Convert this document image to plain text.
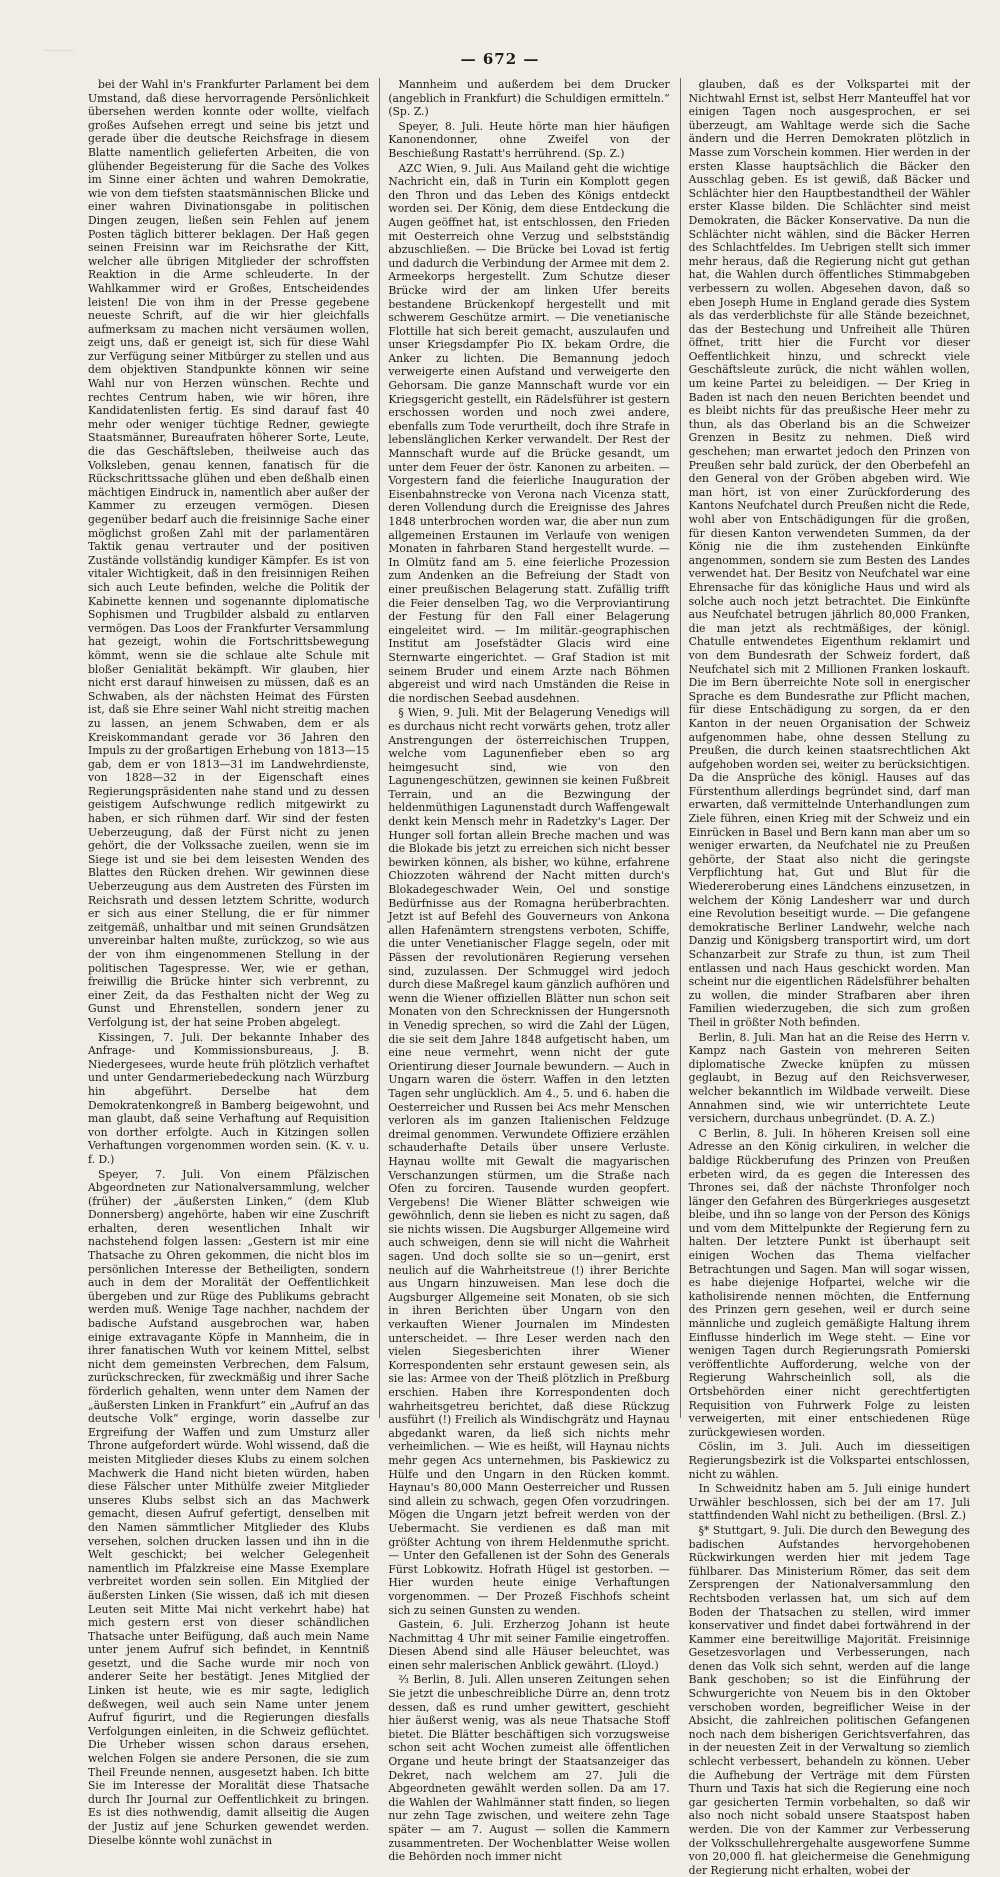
— 672 —

bei der Wahl in's Frankfurter Parlament bei dem Umstand, daß diese hervorragende Persönlichkeit übersehen werden konnte oder wollte, vielfach großes Aufsehen erregt und seine bis jetzt und gerade über die deutsche Reichsfrage in diesem Blatte namentlich gelieferten Arbeiten, die von glühender Begeisterung für die Sache des Volkes im Sinne einer ächten und wahren Demokratie, wie von dem tiefsten staatsmännischen Blicke und einer wahren Divinationsgabe in politischen Dingen zeugen, ließen sein Fehlen auf jenem Posten täglich bitterer beklagen. Der Haß gegen seinen Freisinn war im Reichsrathe der Kitt, welcher alle übrigen Mitglieder der schroffsten Reaktion in die Arme schleuderte. In der Wahlkammer wird er Großes, Entscheidendes leisten! Die von ihm in der Presse gegebene neueste Schrift, auf die wir hier gleichfalls aufmerksam zu machen nicht versäumen wollen, zeigt uns, daß er geneigt ist, sich für diese Wahl zur Verfügung seiner Mitbürger zu stellen und aus dem objektiven Standpunkte können wir seine Wahl nur von Herzen wünschen. Rechte und rechtes Centrum haben, wie wir hören, ihre Kandidatenlisten fertig. Es sind darauf fast 40 mehr oder weniger tüchtige Redner, gewiegte Staatsmänner, Bureaufraten höherer Sorte, Leute, die das Geschäftsleben, theilweise auch das Volksleben, genau kennen, fanatisch für die Rückschrittssache glühen und eben deßhalb einen mächtigen Eindruck in, namentlich aber außer der Kammer zu erzeugen vermögen. Diesen gegenüber bedarf auch die freisinnige Sache einer möglichst großen Zahl mit der parlamentären Taktik genau vertrauter und der positiven Zustände vollständig kundiger Kämpfer. Es ist von vitaler Wichtigkeit, daß in den freisinnigen Reihen sich auch Leute befinden, welche die Politik der Kabinette kennen und sogenannte diplomatische Sophismen und Trugbilder alsbald zu entlarven vermögen. Das Loos der Frankfurter Versammlung hat gezeigt, wohin die Fortschrittsbewegung kömmt, wenn sie die schlaue alte Schule mit bloßer Genialität bekämpft. Wir glauben, hier nicht erst darauf hinweisen zu müssen, daß es an Schwaben, als der nächsten Heimat des Fürsten ist, daß sie Ehre seiner Wahl nicht streitig machen zu lassen, an jenem Schwaben, dem er als Kreiskommandant gerade vor 36 Jahren den Impuls zu der großartigen Erhebung von 1813—15 gab, dem er von 1813—31 im Landwehrdienste, von 1828—32 in der Eigenschaft eines Regierungspräsidenten nahe stand und zu dessen geistigem Aufschwunge redlich mitgewirkt zu haben, er sich rühmen darf. Wir sind der festen Ueberzeugung, daß der Fürst nicht zu jenen gehört, die der Volkssache zueilen, wenn sie im Siege ist und sie bei dem leisesten Wenden des Blattes den Rücken drehen. Wir gewinnen diese Ueberzeugung aus dem Austreten des Fürsten im Reichsrath und dessen letztem Schritte, wodurch er sich aus einer Stellung, die er für nimmer zeitgemäß, unhaltbar und mit seinen Grundsätzen unvereinbar halten mußte, zurückzog, so wie aus der von ihm eingenommenen Stellung in der politischen Tagespresse. Wer, wie er gethan, freiwillig die Brücke hinter sich verbrennt, zu einer Zeit, da das Festhalten nicht der Weg zu Gunst und Ehrenstellen, sondern jener zu Verfolgung ist, der hat seine Proben abgelegt.

Kissingen, 7. Juli. Der bekannte Inhaber des Anfrage- und Kommissionsbureaus, J. B. Niedergesees, wurde heute früh plötzlich verhaftet und unter Gendarmeriebedeckung nach Würzburg hin abgeführt. Derselbe hat dem Demokratenkongreß in Bamberg beigewohnt, und man glaubt, daß seine Verhaftung auf Requisition von dorther erfolgte. Auch in Kitzingen sollen Verhaftungen vorgenommen worden sein. (K. v. u. f. D.)

Speyer, 7. Juli. Von einem Pfälzischen Abgeordneten zur Nationalversammlung, welcher (früher) der „äußersten Linken,“ (dem Klub Donnersberg) angehörte, haben wir eine Zuschrift erhalten, deren wesentlichen Inhalt wir nachstehend folgen lassen: „Gestern ist mir eine Thatsache zu Ohren gekommen, die nicht blos im persönlichen Interesse der Betheiligten, sondern auch in dem der Moralität der Oeffentlichkeit übergeben und zur Rüge des Publikums gebracht werden muß. Wenige Tage nachher, nachdem der badische Aufstand ausgebrochen war, haben einige extravagante Köpfe in Mannheim, die in ihrer fanatischen Wuth vor keinem Mittel, selbst nicht dem gemeinsten Verbrechen, dem Falsum, zurückschrecken, für zweckmäßig und ihrer Sache förderlich gehalten, wenn unter dem Namen der „äußersten Linken in Frankfurt“ ein „Aufruf an das deutsche Volk“ erginge, worin dasselbe zur Ergreifung der Waffen und zum Umsturz aller Throne aufgefordert würde. Wohl wissend, daß die meisten Mitglieder dieses Klubs zu einem solchen Machwerk die Hand nicht bieten würden, haben diese Fälscher unter Mithülfe zweier Mitglieder unseres Klubs selbst sich an das Machwerk gemacht, diesen Aufruf gefertigt, denselben mit den Namen sämmtlicher Mitglieder des Klubs versehen, solchen drucken lassen und ihn in die Welt geschickt; bei welcher Gelegenheit namentlich im Pfalzkreise eine Masse Exemplare verbreitet worden sein sollen. Ein Mitglied der äußersten Linken (Sie wissen, daß ich mit diesen Leuten seit Mitte Mai nicht verkehrt habe) hat mich gestern erst von dieser schändlichen Thatsache unter Beifügung, daß auch mein Name unter jenem Aufruf sich befindet, in Kenntniß gesetzt, und die Sache wurde mir noch von anderer Seite her bestätigt. Jenes Mitglied der Linken ist heute, wie es mir sagte, lediglich deßwegen, weil auch sein Name unter jenem Aufruf figurirt, und die Regierungen diesfalls Verfolgungen einleiten, in die Schweiz geflüchtet. Die Urheber wissen schon daraus ersehen, welchen Folgen sie andere Personen, die sie zum Theil Freunde nennen, ausgesetzt haben. Ich bitte Sie im Interesse der Moralität diese Thatsache durch Ihr Journal zur Oeffentlichkeit zu bringen. Es ist dies nothwendig, damit allseitig die Augen der Justiz auf jene Schurken gewendet werden. Dieselbe könnte wohl zunächst in

Mannheim und außerdem bei dem Drucker (angeblich in Frankfurt) die Schuldigen ermitteln.“ (Sp. Z.)

Speyer, 8. Juli. Heute hörte man hier häufigen Kanonendonner, ohne Zweifel von der Beschießung Rastatt's herrührend. (Sp. Z.)

AZC Wien, 9. Juli. Aus Mailand geht die wichtige Nachricht ein, daß in Turin ein Komplott gegen den Thron und das Leben des Königs entdeckt worden sei. Der König, dem diese Entdeckung die Augen geöffnet hat, ist entschlossen, den Frieden mit Oesterreich ohne Verzug und selbstständig abzuschließen. — Die Brücke bei Lovad ist fertig und dadurch die Verbindung der Armee mit dem 2. Armeekorps hergestellt. Zum Schutze dieser Brücke wird der am linken Ufer bereits bestandene Brückenkopf hergestellt und mit schwerem Geschütze armirt. — Die venetianische Flottille hat sich bereit gemacht, auszulaufen und unser Kriegsdampfer Pio IX. bekam Ordre, die Anker zu lichten. Die Bemannung jedoch verweigerte einen Aufstand und verweigerte den Gehorsam. Die ganze Mannschaft wurde vor ein Kriegsgericht gestellt, ein Rädelsführer ist gestern erschossen worden und noch zwei andere, ebenfalls zum Tode verurtheilt, doch ihre Strafe in lebenslänglichen Kerker verwandelt. Der Rest der Mannschaft wurde auf die Brücke gesandt, um unter dem Feuer der östr. Kanonen zu arbeiten. — Vorgestern fand die feierliche Inauguration der Eisenbahnstrecke von Verona nach Vicenza statt, deren Vollendung durch die Ereignisse des Jahres 1848 unterbrochen worden war, die aber nun zum allgemeinen Erstaunen im Verlaufe von wenigen Monaten in fahrbaren Stand hergestellt wurde. — In Olmütz fand am 5. eine feierliche Prozession zum Andenken an die Befreiung der Stadt von einer preußischen Belagerung statt. Zufällig trifft die Feier denselben Tag, wo die Verproviantirung der Festung für den Fall einer Belagerung eingeleitet wird. — Im militär.-geographischen Institut am Josefstädter Glacis wird eine Sternwarte eingerichtet. — Graf Stadion ist mit seinem Bruder und einem Arzte nach Böhmen abgereist und wird nach Umständen die Reise in die nordischen Seebad ausdehnen.

§ Wien, 9. Juli. Mit der Belagerung Venedigs will es durchaus nicht recht vorwärts gehen, trotz aller Anstrengungen der österreichischen Truppen, welche vom Lagunenfieber eben so arg heimgesucht sind, wie von den Lagunengeschützen, gewinnen sie keinen Fußbreit Terrain, und an die Bezwingung der heldenmüthigen Lagunenstadt durch Waffengewalt denkt kein Mensch mehr in Radetzky's Lager. Der Hunger soll fortan allein Breche machen und was die Blokade bis jetzt zu erreichen sich nicht besser bewirken können, als bisher, wo kühne, erfahrene Chiozzoten während der Nacht mitten durch's Blokadegeschwader Wein, Oel und sonstige Bedürfnisse aus der Romagna herüberbrachten. Jetzt ist auf Befehl des Gouverneurs von Ankona allen Hafenämtern strengstens verboten, Schiffe, die unter Venetianischer Flagge segeln, oder mit Pässen der revolutionären Regierung versehen sind, zuzulassen. Der Schmuggel wird jedoch durch diese Maßregel kaum gänzlich aufhören und wenn die Wiener offiziellen Blätter nun schon seit Monaten von den Schrecknissen der Hungersnoth in Venedig sprechen, so wird die Zahl der Lügen, die sie seit dem Jahre 1848 aufgetischt haben, um eine neue vermehrt, wenn nicht der gute Orientirung dieser Journale bewundern. — Auch in Ungarn waren die österr. Waffen in den letzten Tagen sehr unglücklich. Am 4., 5. und 6. haben die Oesterreicher und Russen bei Acs mehr Menschen verloren als im ganzen Italienischen Feldzuge dreimal genommen. Verwundete Offiziere erzählen schauderhafte Details über unsere Verluste. Haynau wollte mit Gewalt die magyarischen Verschanzungen stürmen, um die Straße nach Ofen zu forciren. Tausende wurden geopfert. Vergebens! Die Wiener Blätter schweigen wie gewöhnlich, denn sie lieben es nicht zu sagen, daß sie nichts wissen. Die Augsburger Allgemeine wird auch schweigen, denn sie will nicht die Wahrheit sagen. Und doch sollte sie so un—genirt, erst neulich auf die Wahrheitstreue (!) ihrer Berichte aus Ungarn hinzuweisen. Man lese doch die Augsburger Allgemeine seit Monaten, ob sie sich in ihren Berichten über Ungarn von den verkauften Wiener Journalen im Mindesten unterscheidet. — Ihre Leser werden nach den vielen Siegesberichten ihrer Wiener Korrespondenten sehr erstaunt gewesen sein, als sie las: Armee von der Theiß plötzlich in Preßburg erschien. Haben ihre Korrespondenten doch wahrheitsgetreu berichtet, daß diese Rückzug ausführt (!) Freilich als Windischgrätz und Haynau abgedankt waren, da ließ sich nichts mehr verheimlichen. — Wie es heißt, will Haynau nichts mehr gegen Acs unternehmen, bis Paskiewicz zu Hülfe und den Ungarn in den Rücken kommt. Haynau's 80,000 Mann Oesterreicher und Russen sind allein zu schwach, gegen Ofen vorzudringen. Mögen die Ungarn jetzt befreit werden von der Uebermacht. Sie verdienen es daß man mit größter Achtung von ihrem Heldenmuthe spricht. — Unter den Gefallenen ist der Sohn des Generals Fürst Lobkowitz. Hofrath Hügel ist gestorben. — Hier wurden heute einige Verhaftungen vorgenommen. — Der Prozeß Fischhofs scheint sich zu seinen Gunsten zu wenden.

Gastein, 6. Juli. Erzherzog Johann ist heute Nachmittag 4 Uhr mit seiner Familie eingetroffen. Diesen Abend sind alle Häuser beleuchtet, was einen sehr malerischen Anblick gewährt. (Lloyd.)

²⁄₃ Berlin, 8. Juli. Allen unseren Zeitungen sehen Sie jetzt die unbeschreibliche Dürre an, denn trotz dessen, daß es rund umher gewittert, geschieht hier äußerst wenig, was als neue Thatsache Stoff bietet. Die Blätter beschäftigen sich vorzugsweise schon seit acht Wochen zumeist alle öffentlichen Organe und heute bringt der Staatsanzeiger das Dekret, nach welchem am 27. Juli die Abgeordneten gewählt werden sollen. Da am 17. die Wahlen der Wahlmänner statt finden, so liegen nur zehn Tage zwischen, und weitere zehn Tage später — am 7. August — sollen die Kammern zusammentreten. Der Wochenblatter Weise wollen die Behörden noch immer nicht

glauben, daß es der Volkspartei mit der Nichtwahl Ernst ist, selbst Herr Manteuffel hat vor einigen Tagen noch ausgesprochen, er sei überzeugt, am Wahltage werde sich die Sache ändern und die Herren Demokraten plötzlich in Masse zum Vorschein kommen. Hier werden in der ersten Klasse hauptsächlich die Bäcker den Ausschlag geben. Es ist gewiß, daß Bäcker und Schlächter hier den Hauptbestandtheil der Wähler erster Klasse bilden. Die Schlächter sind meist Demokraten, die Bäcker Konservative. Da nun die Schlächter nicht wählen, sind die Bäcker Herren des Schlachtfeldes. Im Uebrigen stellt sich immer mehr heraus, daß die Regierung nicht gut gethan hat, die Wahlen durch öffentliches Stimmabgeben verbessern zu wollen. Abgesehen davon, daß so eben Joseph Hume in England gerade dies System als das verderblichste für alle Stände bezeichnet, das der Bestechung und Unfreiheit alle Thüren öffnet, tritt hier die Furcht vor dieser Oeffentlichkeit hinzu, und schreckt viele Geschäftsleute zurück, die nicht wählen wollen, um keine Partei zu beleidigen. — Der Krieg in Baden ist nach den neuen Berichten beendet und es bleibt nichts für das preußische Heer mehr zu thun, als das Oberland bis an die Schweizer Grenzen in Besitz zu nehmen. Dieß wird geschehen; man erwartet jedoch den Prinzen von Preußen sehr bald zurück, der den Oberbefehl an den General von der Gröben abgeben wird. Wie man hört, ist von einer Zurückforderung des Kantons Neufchatel durch Preußen nicht die Rede, wohl aber von Entschädigungen für die großen, für diesen Kanton verwendeten Summen, da der König nie die ihm zustehenden Einkünfte angenommen, sondern sie zum Besten des Landes verwendet hat. Der Besitz von Neufchatel war eine Ehrensache für das königliche Haus und wird als solche auch noch jetzt betrachtet. Die Einkünfte aus Neufchatel betrugen jährlich 80,000 Franken, die man jetzt als rechtmäßiges, der königl. Chatulle entwendetes Eigenthum reklamirt und von dem Bundesrath der Schweiz fordert, daß Neufchatel sich mit 2 Millionen Franken loskauft. Die im Bern überreichte Note soll in energischer Sprache es dem Bundesrathe zur Pflicht machen, für diese Entschädigung zu sorgen, da er den Kanton in der neuen Organisation der Schweiz aufgenommen habe, ohne dessen Stellung zu Preußen, die durch keinen staatsrechtlichen Akt aufgehoben worden sei, weiter zu berücksichtigen. Da die Ansprüche des königl. Hauses auf das Fürstenthum allerdings begründet sind, darf man erwarten, daß vermittelnde Unterhandlungen zum Ziele führen, einen Krieg mit der Schweiz und ein Einrücken in Basel und Bern kann man aber um so weniger erwarten, da Neufchatel nie zu Preußen gehörte, der Staat also nicht die geringste Verpflichtung hat, Gut und Blut für die Wiedereroberung eines Ländchens einzusetzen, in welchem der König Landesherr war und durch eine Revolution beseitigt wurde. — Die gefangene demokratische Berliner Landwehr, welche nach Danzig und Königsberg transportirt wird, um dort Schanzarbeit zur Strafe zu thun, ist zum Theil entlassen und nach Haus geschickt worden. Man scheint nur die eigentlichen Rädelsführer behalten zu wollen, die minder Strafbaren aber ihren Familien wiederzugeben, die sich zum großen Theil in größter Noth befinden.

Berlin, 8. Juli. Man hat an die Reise des Herrn v. Kampz nach Gastein von mehreren Seiten diplomatische Zwecke knüpfen zu müssen geglaubt, in Bezug auf den Reichsverweser, welcher bekanntlich im Wildbade verweilt. Diese Annahmen sind, wie wir unterrichtete Leute versichern, durchaus unbegründet. (D. A. Z.)

C Berlin, 8. Juli. In höheren Kreisen soll eine Adresse an den König cirkuliren, in welcher die baldige Rückberufung des Prinzen von Preußen erbeten wird, da es gegen die Interessen des Thrones sei, daß der nächste Thronfolger noch länger den Gefahren des Bürgerkrieges ausgesetzt bleibe, und ihn so lange von der Person des Königs und vom dem Mittelpunkte der Regierung fern zu halten. Der letztere Punkt ist überhaupt seit einigen Wochen das Thema vielfacher Betrachtungen und Sagen. Man will sogar wissen, es habe diejenige Hofpartei, welche wir die katholisirende nennen möchten, die Entfernung des Prinzen gern gesehen, weil er durch seine männliche und zugleich gemäßigte Haltung ihrem Einflusse hinderlich im Wege steht. — Eine vor wenigen Tagen durch Regierungsrath Pomierski veröffentlichte Aufforderung, welche von der Regierung Wahrscheinlich soll, als die Ortsbehörden einer nicht gerechtfertigten Requisition von Fuhrwerk Folge zu leisten verweigerten, mit einer entschiedenen Rüge zurückgewiesen worden.

Cöslin, im 3. Juli. Auch im diesseitigen Regierungsbezirk ist die Volkspartei entschlossen, nicht zu wählen.

In Schweidnitz haben am 5. Juli einige hundert Urwähler beschlossen, sich bei der am 17. Juli stattfindenden Wahl nicht zu betheiligen. (Brsl. Z.)

§* Stuttgart, 9. Juli. Die durch den Bewegung des badischen Aufstandes hervorgehobenen Rückwirkungen werden hier mit jedem Tage fühlbarer. Das Ministerium Römer, das seit dem Zersprengen der Nationalversammlung den Rechtsboden verlassen hat, um sich auf dem Boden der Thatsachen zu stellen, wird immer konservativer und findet dabei fortwährend in der Kammer eine bereitwillige Majorität. Freisinnige Gesetzesvorlagen und Verbesserungen, nach denen das Volk sich sehnt, werden auf die lange Bank geschoben; so ist die Einführung der Schwurgerichte von Neuem bis in den Oktober verschoben worden, begreiflicher Weise in der Absicht, die zahlreichen politischen Gefangenen noch nach dem bisherigen Gerichtsverfahren, das in der neuesten Zeit in der Verwaltung so ziemlich schlecht verbessert, behandeln zu können. Ueber die Aufhebung der Verträge mit dem Fürsten Thurn und Taxis hat sich die Regierung eine noch gar gesicherten Termin vorbehalten, so daß wir also noch nicht sobald unsere Staatspost haben werden. Die von der Kammer zur Verbesserung der Volksschullehrergehalte ausgeworfene Summe von 20,000 fl. hat gleichermeise die Genehmigung der Regierung nicht erhalten, wobei der
